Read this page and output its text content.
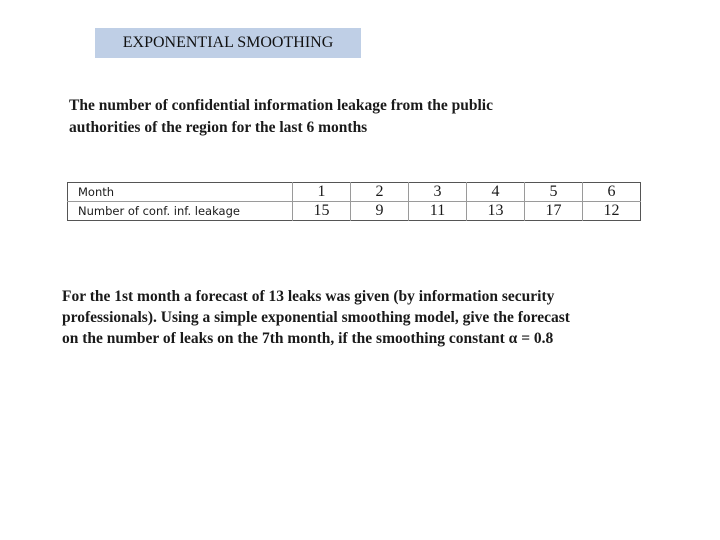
EXPONENTIAL SMOOTHING
The number of confidential information leakage from the public
authorities of the region for the last 6 months
Month	1	2	3	4	5	6
Number of conf. inf. leakage	15	9	11	13	17	12
For the 1st month a forecast of 13 leaks was given (by information security
professionals). Using a simple exponential smoothing model, give the forecast
on the number of leaks on the 7th month, if the smoothing constant α = 0.8
